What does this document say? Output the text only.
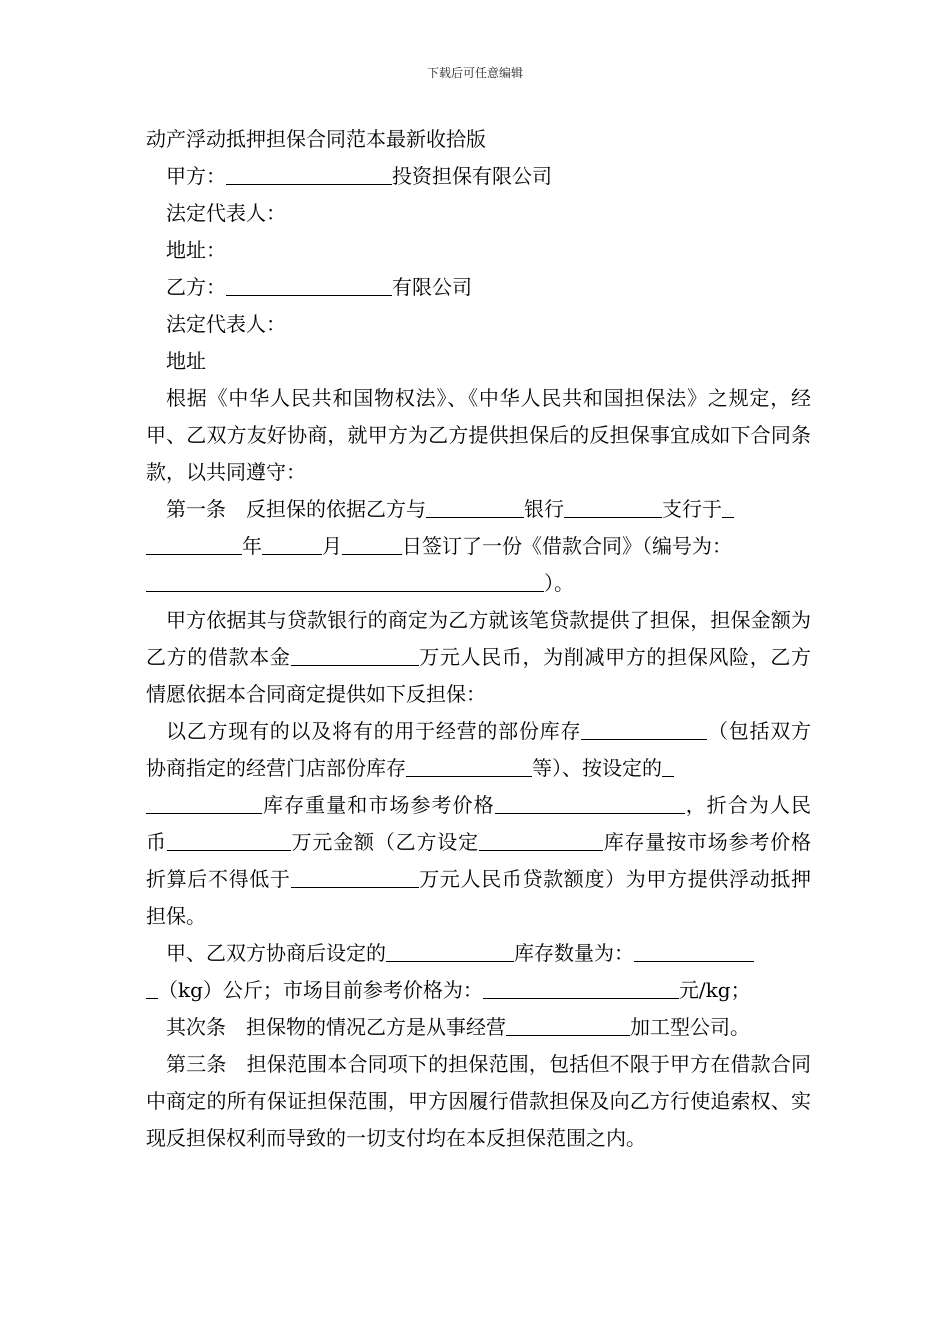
下载后可任意编辑

动产浮动抵押担保合同范本最新收拾版

甲方：	投资担保有限公司

法定代表人：

地址：

乙方：	有限公司

法定代表人：

地址

根据《中华人民共和国物权法》、《中华人民共和国担保法》之规定，经甲、乙双方友好协商，就甲方为乙方提供担保后的反担保事宜成如下合同条款，以共同遵守：

第一条　反担保的依据乙方与	银行	支行于
年	月	日签订了一份《借款合同》（编号为：
）。

甲方依据其与贷款银行的商定为乙方就该笔贷款提供了担保，担保金额为乙方的借款本金	万元人民币，为削减甲方的担保风险，乙方情愿依据本合同商定提供如下反担保：

以乙方现有的以及将有的用于经营的部份库存	（包括双方协商指定的经营门店部份库存	等）、按设定的
库存重量和市场参考价格	，折合为人民币	万元金额（乙方设定	库存量按市场参考价格折算后不得低于	万元人民币贷款额度）为甲方提供浮动抵押担保。

甲、乙双方协商后设定的	库存数量为：
（kg）公斤；市场目前参考价格为：	元/kg；

其次条　担保物的情况乙方是从事经营	加工型公司。

第三条　担保范围本合同项下的担保范围，包括但不限于甲方在借款合同中商定的所有保证担保范围，甲方因履行借款担保及向乙方行使追索权、实现反担保权利而导致的一切支付均在本反担保范围之内。
